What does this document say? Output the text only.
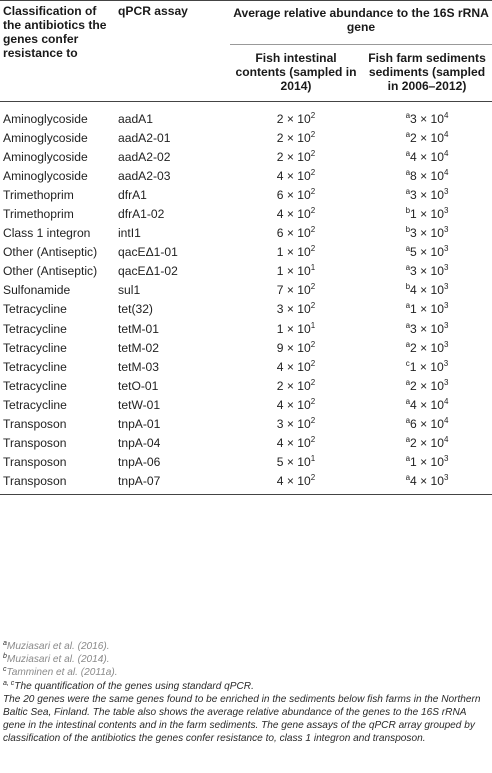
Classification of the antibiotics the genes confer resistance to	qPCR assay	Average relative abundance to the 16S rRNA gene	
		Fish intestinal contents (sampled in 2014)	Fish farm sediments sediments (sampled in 2006–2012)
Aminoglycoside	aadA1	$2 \times 10^2$	$^a3 \times 10^4$
Aminoglycoside	aadA2-01	$2 \times 10^2$	$^a2 \times 10^4$
Aminoglycoside	aadA2-02	$2 \times 10^2$	$^a4 \times 10^4$
Aminoglycoside	aadA2-03	$4 \times 10^2$	$^a8 \times 10^4$
Trimethoprim	dfrA1	$6 \times 10^2$	$^a3 \times 10^3$
Trimethoprim	dfrA1-02	$4 \times 10^2$	$^b1 \times 10^3$
Class 1 integron	intI1	$6 \times 10^2$	$^b3 \times 10^3$
Other (Antiseptic)	qacEΔ1-01	$1 \times 10^2$	$^a5 \times 10^3$
Other (Antiseptic)	qacEΔ1-02	$1 \times 10^1$	$^a3 \times 10^3$
Sulfonamide	sul1	$7 \times 10^2$	$^b4 \times 10^3$
Tetracycline	tet(32)	$3 \times 10^2$	$^a1 \times 10^3$
Tetracycline	tetM-01	$1 \times 10^1$	$^a3 \times 10^3$
Tetracycline	tetM-02	$9 \times 10^2$	$^a2 \times 10^3$
Tetracycline	tetM-03	$4 \times 10^2$	$^c1 \times 10^3$
Tetracycline	tetO-01	$2 \times 10^2$	$^a2 \times 10^3$
Tetracycline	tetW-01	$4 \times 10^2$	$^a4 \times 10^4$
Transposon	tnpA-01	$3 \times 10^2$	$^a6 \times 10^4$
Transposon	tnpA-04	$4 \times 10^2$	$^a2 \times 10^4$
Transposon	tnpA-06	$5 \times 10^1$	$^a1 \times 10^3$
Transposon	tnpA-07	$4 \times 10^2$	$^a4 \times 10^3$
$^a$Muziasari et al. (2016).
$^b$Muziasari et al. (2014).
$^c$Tamminen et al. (2011a).
$^{a, c}$The quantification of the genes using standard qPCR.
The 20 genes were the same genes found to be enriched in the sediments below fish farms in the Northern Baltic Sea, Finland. The table also shows the average relative abundance of the genes to the 16S rRNA gene in the intestinal contents and in the farm sediments. The gene assays of the qPCR array grouped by classification of the antibiotics the genes confer resistance to, class 1 integron and transposon.
